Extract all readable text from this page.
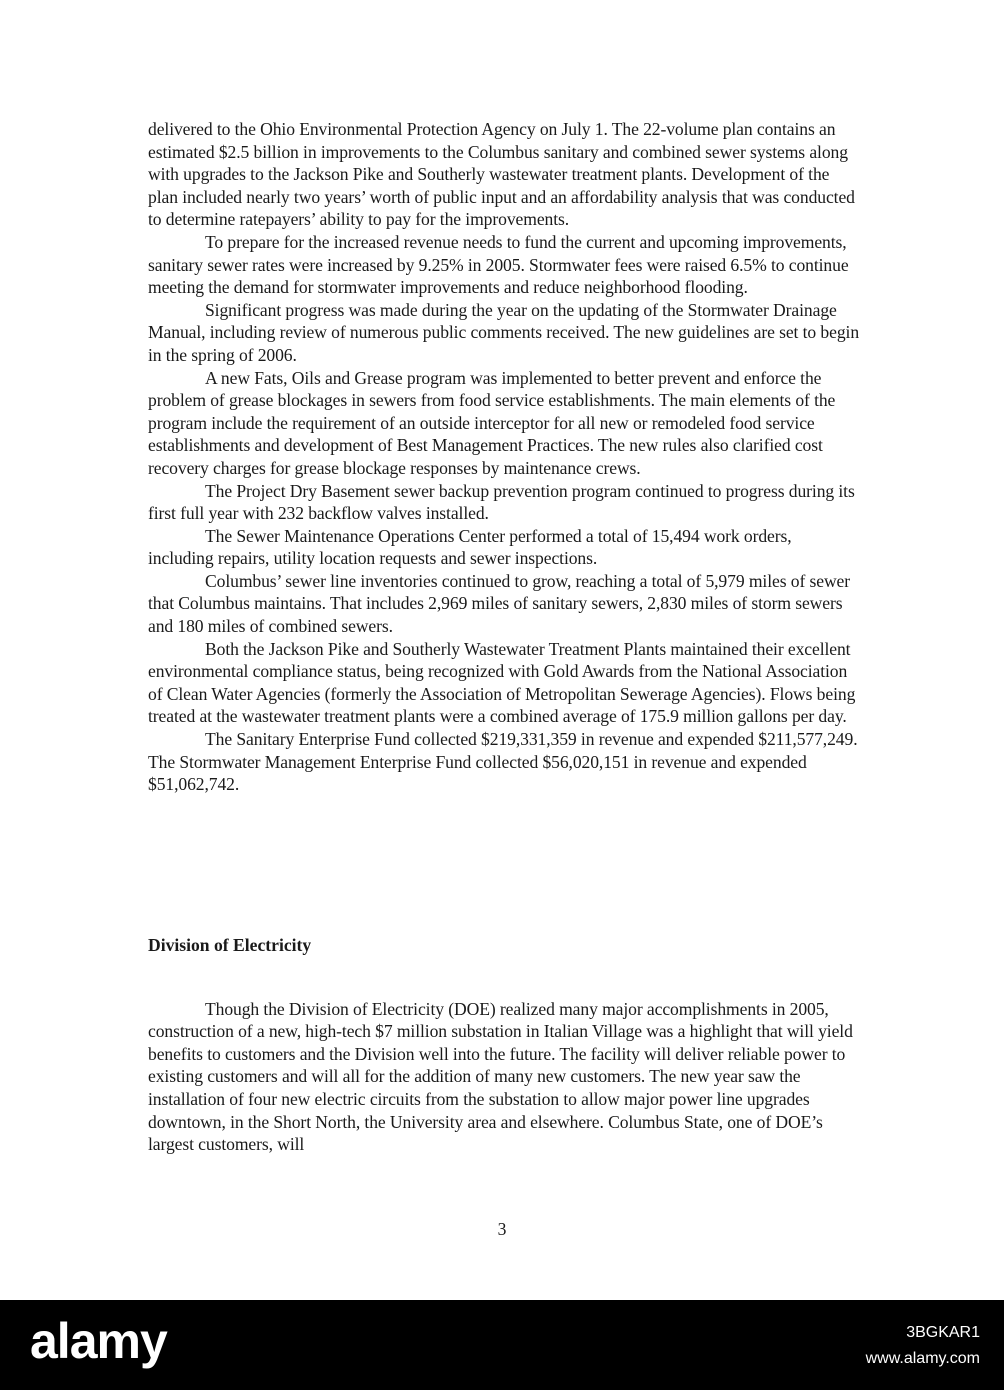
delivered to the Ohio Environmental Protection Agency on July 1. The 22-volume plan contains an estimated $2.5 billion in improvements to the Columbus sanitary and combined sewer systems along with upgrades to the Jackson Pike and Southerly wastewater treatment plants. Development of the plan included nearly two years’ worth of public input and an affordability analysis that was conducted to determine ratepayers’ ability to pay for the improvements.

To prepare for the increased revenue needs to fund the current and upcoming improvements, sanitary sewer rates were increased by 9.25% in 2005. Stormwater fees were raised 6.5% to continue meeting the demand for stormwater improvements and reduce neighborhood flooding.

Significant progress was made during the year on the updating of the Stormwater Drainage Manual, including review of numerous public comments received. The new guidelines are set to begin in the spring of 2006.

A new Fats, Oils and Grease program was implemented to better prevent and enforce the problem of grease blockages in sewers from food service establishments. The main elements of the program include the requirement of an outside interceptor for all new or remodeled food service establishments and development of Best Management Practices. The new rules also clarified cost recovery charges for grease blockage responses by maintenance crews.

The Project Dry Basement sewer backup prevention program continued to progress during its first full year with 232 backflow valves installed.

The Sewer Maintenance Operations Center performed a total of 15,494 work orders, including repairs, utility location requests and sewer inspections.

Columbus’ sewer line inventories continued to grow, reaching a total of 5,979 miles of sewer that Columbus maintains. That includes 2,969 miles of sanitary sewers, 2,830 miles of storm sewers and 180 miles of combined sewers.

Both the Jackson Pike and Southerly Wastewater Treatment Plants maintained their excellent environmental compliance status, being recognized with Gold Awards from the National Association of Clean Water Agencies (formerly the Association of Metropolitan Sewerage Agencies). Flows being treated at the wastewater treatment plants were a combined average of 175.9 million gallons per day.

The Sanitary Enterprise Fund collected $219,331,359 in revenue and expended $211,577,249. The Stormwater Management Enterprise Fund collected $56,020,151 in revenue and expended $51,062,742.

Division of Electricity

Though the Division of Electricity (DOE) realized many major accomplishments in 2005, construction of a new, high-tech $7 million substation in Italian Village was a highlight that will yield benefits to customers and the Division well into the future. The facility will deliver reliable power to existing customers and will all for the addition of many new customers. The new year saw the installation of four new electric circuits from the substation to allow major power line upgrades downtown, in the Short North, the University area and elsewhere. Columbus State, one of DOE’s largest customers, will

3
alamy	3BGKAR1
www.alamy.com
